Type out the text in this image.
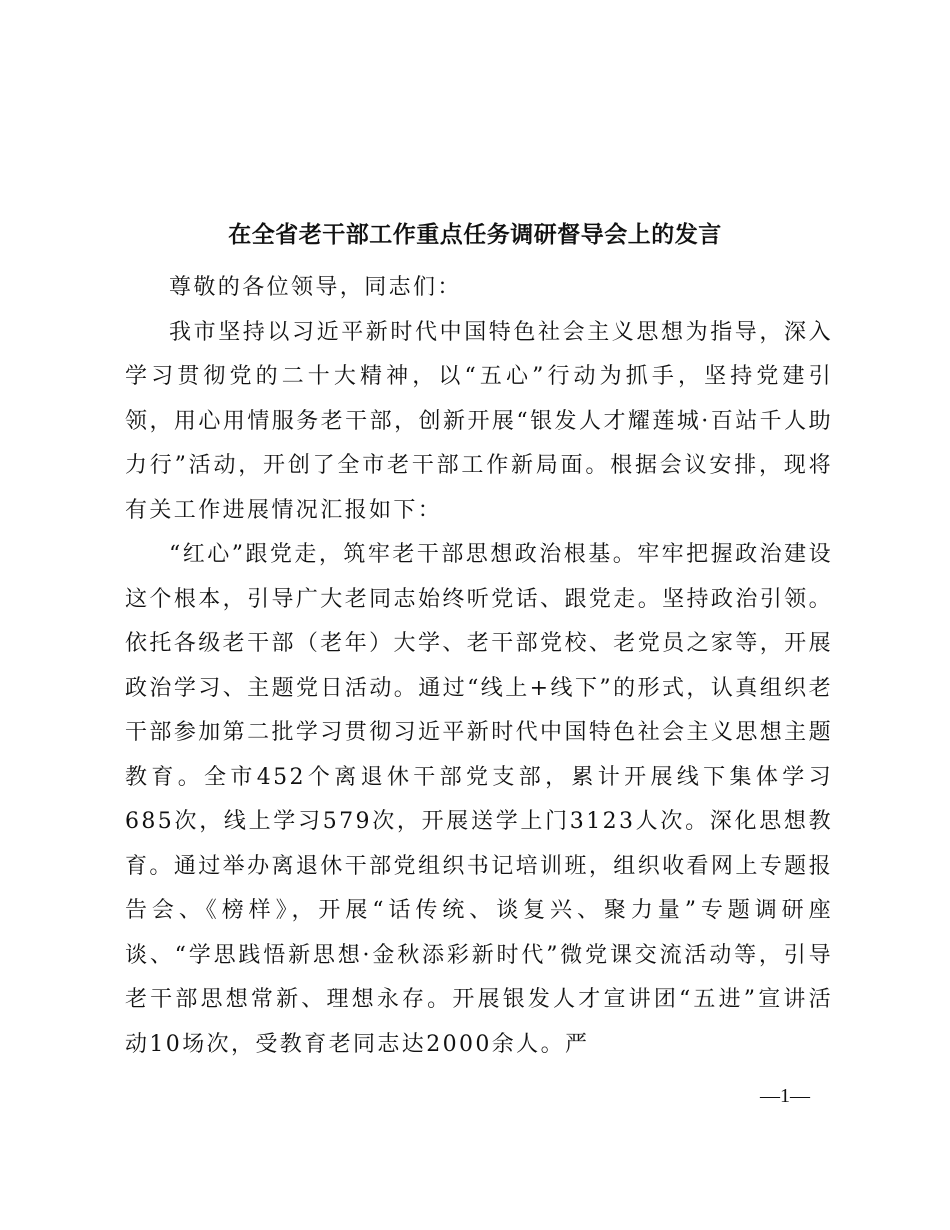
在全省老干部工作重点任务调研督导会上的发言

尊敬的各位领导，同志们：

我市坚持以习近平新时代中国特色社会主义思想为指导，深入学习贯彻党的二十大精神，以“五心”行动为抓手，坚持党建引领，用心用情服务老干部，创新开展“银发人才耀莲城·百站千人助力行”活动，开创了全市老干部工作新局面。根据会议安排，现将有关工作进展情况汇报如下：

“红心”跟党走，筑牢老干部思想政治根基。牢牢把握政治建设这个根本，引导广大老同志始终听党话、跟党走。坚持政治引领。依托各级老干部（老年）大学、老干部党校、老党员之家等，开展政治学习、主题党日活动。通过“线上+线下”的形式，认真组织老干部参加第二批学习贯彻习近平新时代中国特色社会主义思想主题教育。全市452个离退休干部党支部，累计开展线下集体学习685次，线上学习579次，开展送学上门3123人次。深化思想教育。通过举办离退休干部党组织书记培训班，组织收看网上专题报告会、《榜样》，开展“话传统、谈复兴、聚力量”专题调研座谈、“学思践悟新思想·金秋添彩新时代”微党课交流活动等，引导老干部思想常新、理想永存。开展银发人才宣讲团“五进”宣讲活动10场次，受教育老同志达2000余人。严

—1—
